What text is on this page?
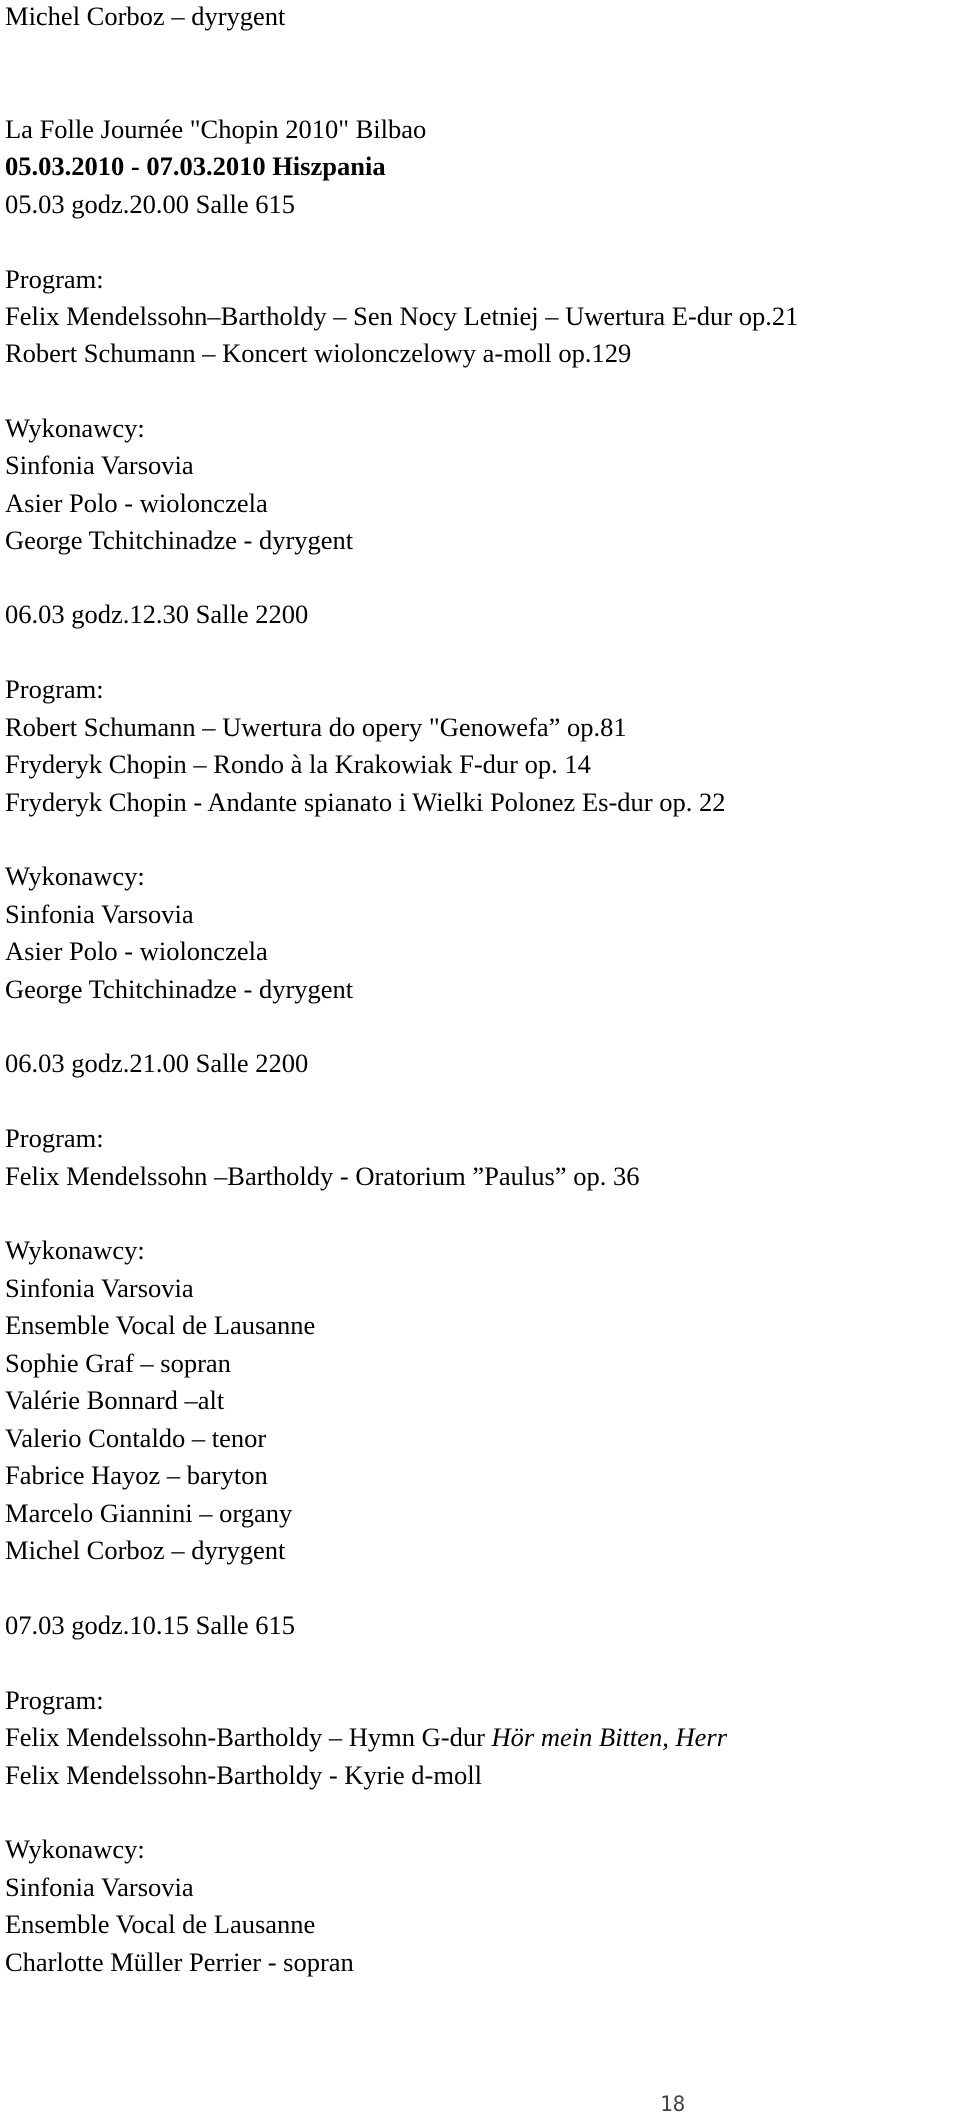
Michel Corboz – dyrygent
La Folle Journée "Chopin 2010" Bilbao
05.03.2010 - 07.03.2010 Hiszpania
05.03 godz.20.00 Salle 615
Program:
Felix Mendelssohn–Bartholdy – Sen Nocy Letniej – Uwertura E-dur op.21
Robert Schumann – Koncert wiolonczelowy a-moll op.129
Wykonawcy:
Sinfonia Varsovia
Asier Polo - wiolonczela
George Tchitchinadze - dyrygent
06.03 godz.12.30 Salle 2200
Program:
Robert Schumann – Uwertura do opery "Genowefa” op.81
Fryderyk Chopin – Rondo à la Krakowiak F-dur op. 14
Fryderyk Chopin - Andante spianato i Wielki Polonez Es-dur op. 22
Wykonawcy:
Sinfonia Varsovia
Asier Polo - wiolonczela
George Tchitchinadze - dyrygent
06.03 godz.21.00 Salle 2200
Program:
Felix Mendelssohn –Bartholdy - Oratorium ”Paulus” op. 36
Wykonawcy:
Sinfonia Varsovia
Ensemble Vocal de Lausanne
Sophie Graf – sopran
Valérie Bonnard –alt
Valerio Contaldo – tenor
Fabrice Hayoz – baryton
Marcelo Giannini – organy
Michel Corboz – dyrygent
07.03 godz.10.15 Salle 615
Program:
Felix Mendelssohn-Bartholdy – Hymn G-dur Hör mein Bitten, Herr
Felix Mendelssohn-Bartholdy - Kyrie d-moll
Wykonawcy:
Sinfonia Varsovia
Ensemble Vocal de Lausanne
Charlotte Müller Perrier - sopran
18
